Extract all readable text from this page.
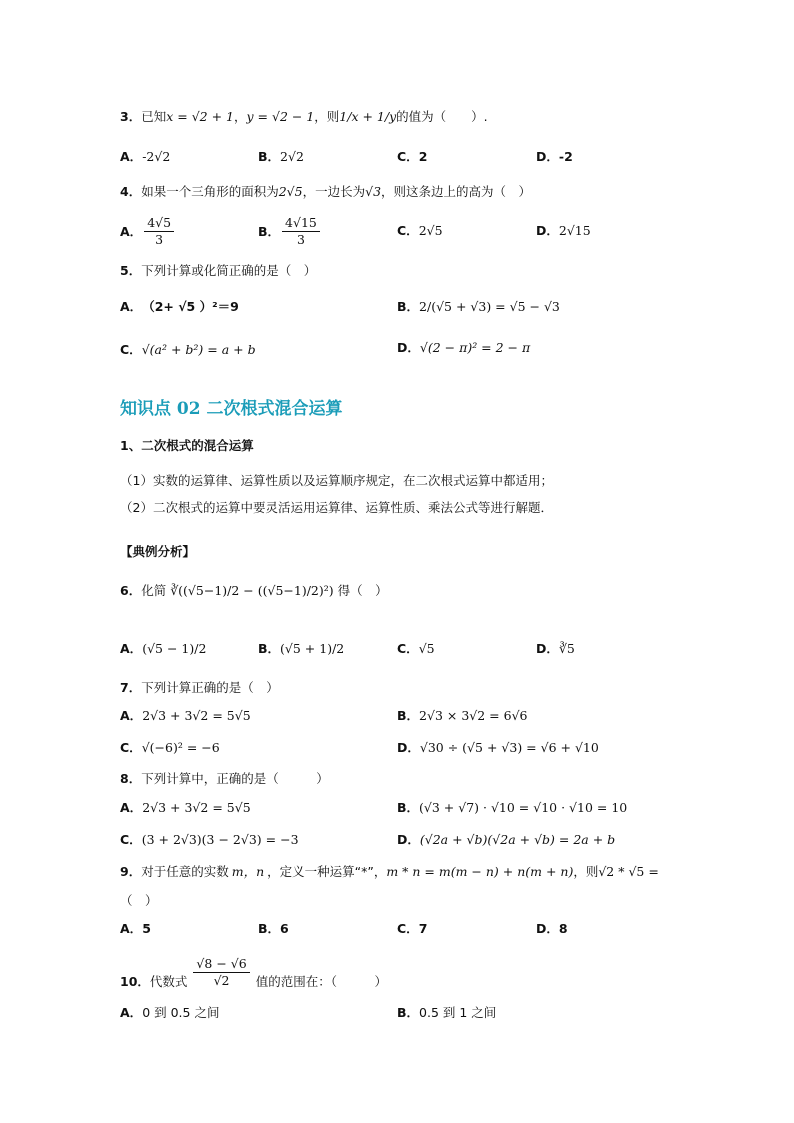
3． 已知 x = √2 + 1 ， y = √2 − 1 ，则 1/x + 1/y 的值为（　　）.
A． -2√2	B． 2√2	C． 2	D． -2
4． 如果一个三角形的面积为 2√5 ，一边长为 √3 ，则这条边上的高为（　）
A． $\frac{4√5}{3}$	B． $\frac{4√15}{3}$	C． 2√5	D． 2√15
5． 下列计算或化简正确的是（　）
A． （2+ √5 ）²＝9	B． 2/(√5 + √3) = √5 − √3
C． √(a² + b²) = a + b	D． √(2 − π)² = 2 − π
知识点 02 二次根式混合运算
1、二次根式的混合运算
（1）实数的运算律、运算性质以及运算顺序规定，在二次根式运算中都适用；
（2）二次根式的运算中要灵活运用运算律、运算性质、乘法公式等进行解题．
【典例分析】
6． 化简 ∛((√5−1)/2 − ((√5−1)/2)²) 得（　）
A． (√5 − 1)/2	B． (√5 + 1)/2	C． √5	D． ∛5
7． 下列计算正确的是（　）
A． 2√3 + 3√2 = 5√5	B． 2√3 × 3√2 = 6√6
C． √(−6)² = −6	D． √30 ÷ (√5 + √3) = √6 + √10
8． 下列计算中，正确的是（　　　）
A． 2√3 + 3√2 = 5√5	B． (√3 + √7) · √10 = √10 · √10 = 10
C． (3 + 2√3)(3 − 2√3) = −3	D． (√2a + √b)(√2a + √b) = 2a + b
9． 对于任意的实数 m，n ，定义一种运算“*”， m * n = m(m − n) + n(m + n) ，则 √2 * √5 =
（　）
A． 5	B． 6	C． 7	D． 8
10． 代数式 $\frac{√8 - √6}{√2}$ 值的范围在：（　　　）
A． 0 到 0.5 之间	B． 0.5 到 1 之间
